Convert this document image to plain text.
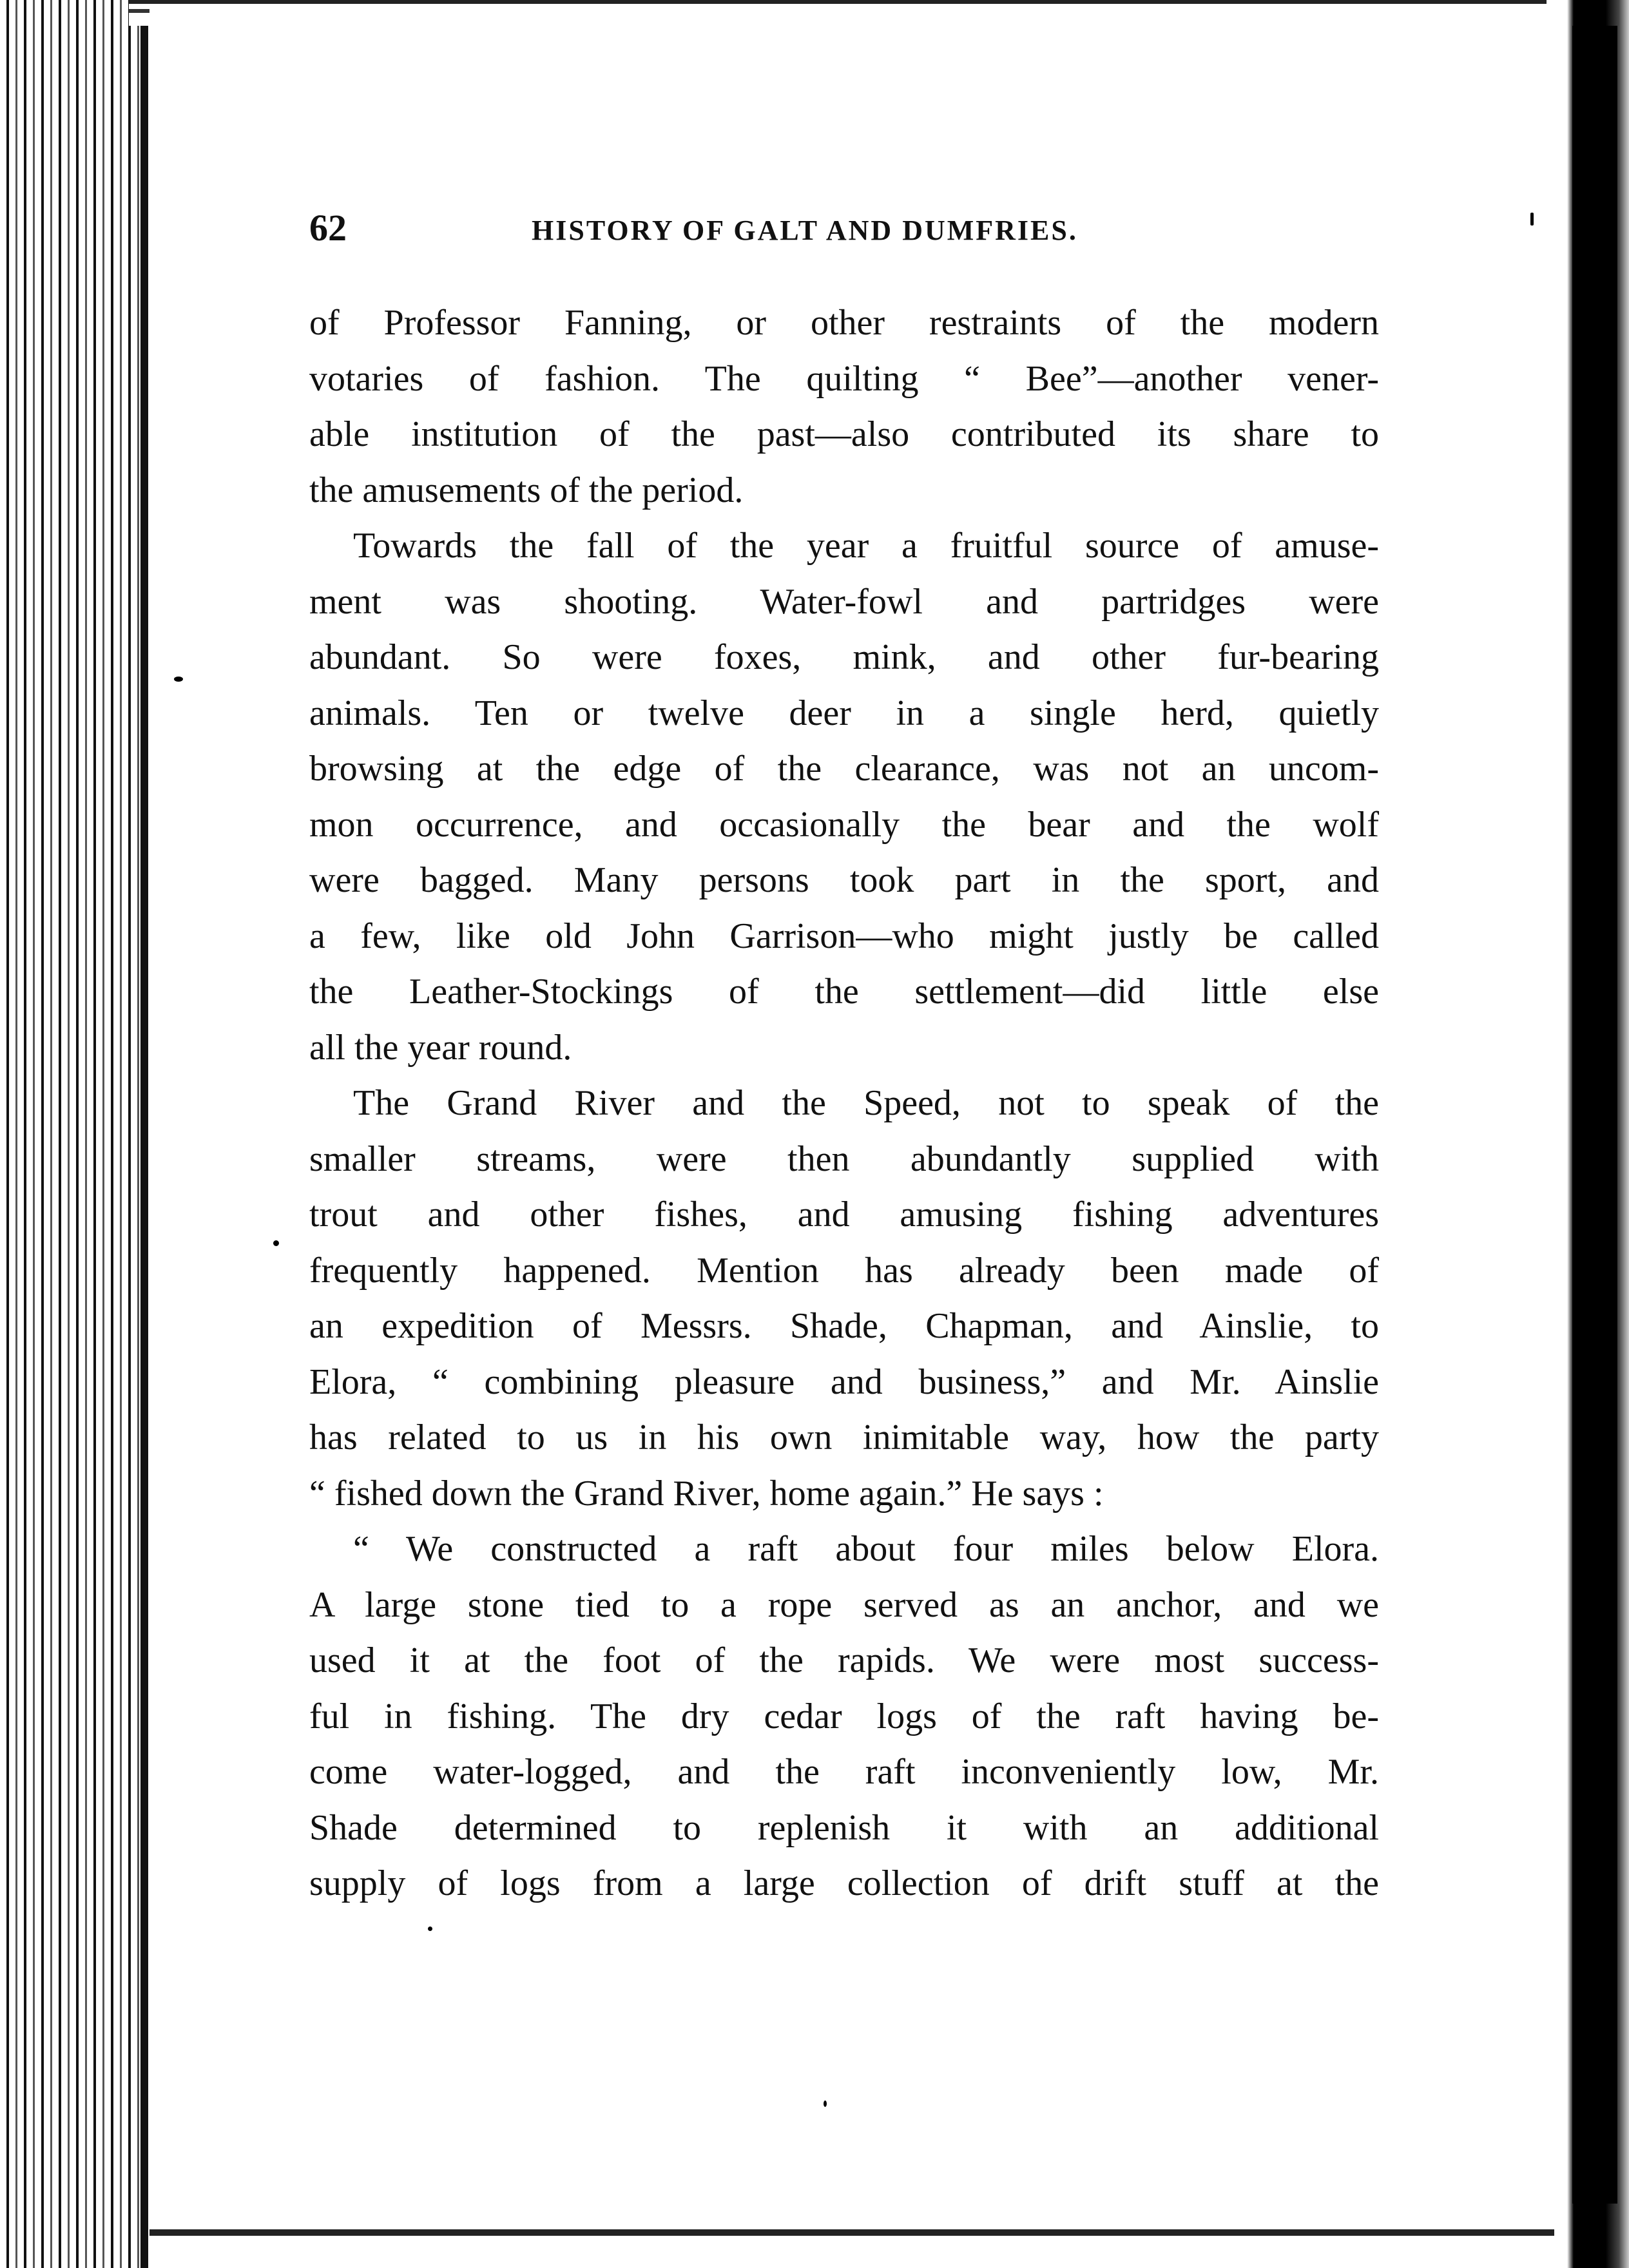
62	HISTORY OF GALT AND DUMFRIES.
of Professor Fanning, or other restraints of the modern
votaries of fashion. The quilting “ Bee”—another vener-
able institution of the past—also contributed its share to
the amusements of the period.
Towards the fall of the year a fruitful source of amuse-
ment was shooting. Water-fowl and partridges were
abundant. So were foxes, mink, and other fur-bearing
animals. Ten or twelve deer in a single herd, quietly
browsing at the edge of the clearance, was not an uncom-
mon occurrence, and occasionally the bear and the wolf
were bagged. Many persons took part in the sport, and
a few, like old John Garrison—who might justly be called
the Leather-Stockings of the settlement—did little else
all the year round.
The Grand River and the Speed, not to speak of the
smaller streams, were then abundantly supplied with
trout and other fishes, and amusing fishing adventures
frequently happened. Mention has already been made of
an expedition of Messrs. Shade, Chapman, and Ainslie, to
Elora, “ combining pleasure and business,” and Mr. Ainslie
has related to us in his own inimitable way, how the party
“ fished down the Grand River, home again.” He says :
“ We constructed a raft about four miles below Elora.
A large stone tied to a rope served as an anchor, and we
used it at the foot of the rapids. We were most success-
ful in fishing. The dry cedar logs of the raft having be-
come water-logged, and the raft inconveniently low, Mr.
Shade determined to replenish it with an additional
supply of logs from a large collection of drift stuff at the
